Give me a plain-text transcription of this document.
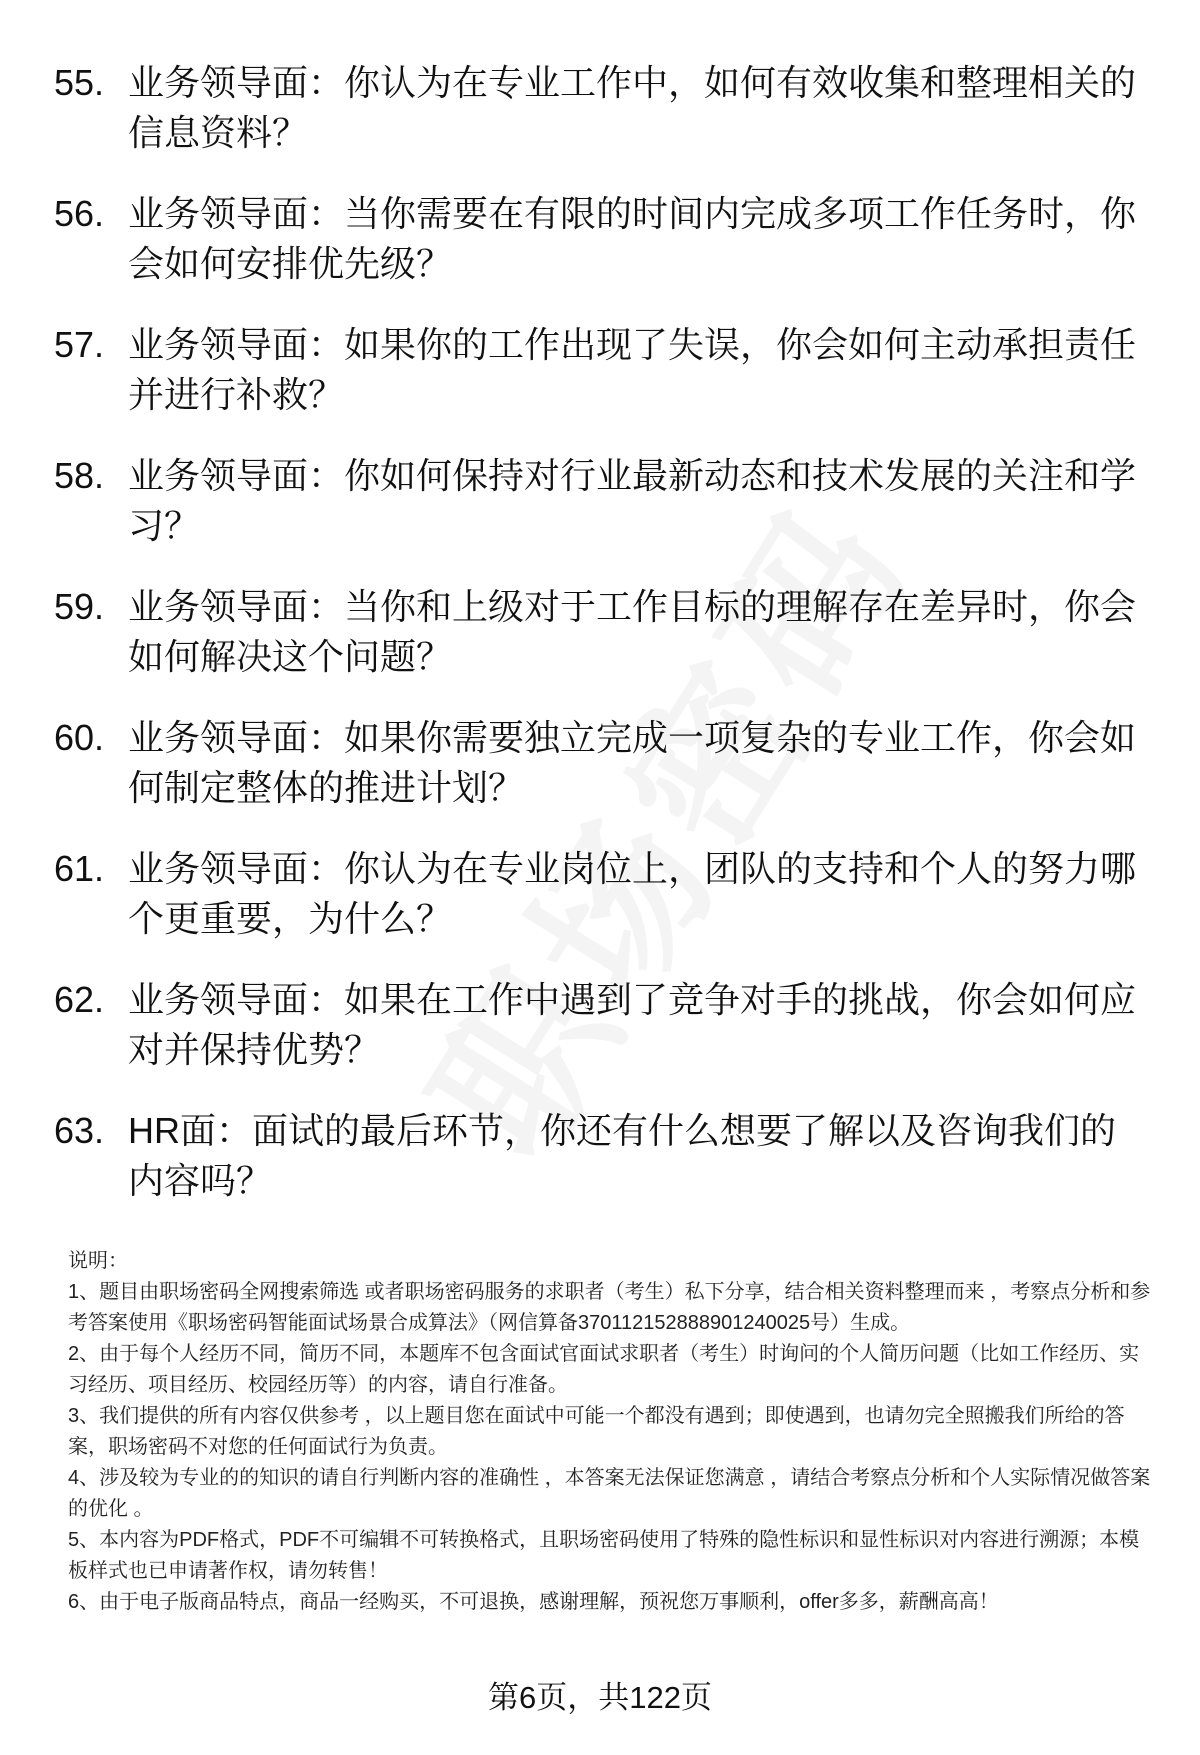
55. 业务领导面：你认为在专业工作中，如何有效收集和整理相关的信息资料？
56. 业务领导面：当你需要在有限的时间内完成多项工作任务时，你会如何安排优先级？
57. 业务领导面：如果你的工作出现了失误，你会如何主动承担责任并进行补救？
58. 业务领导面：你如何保持对行业最新动态和技术发展的关注和学习？
59. 业务领导面：当你和上级对于工作目标的理解存在差异时，你会如何解决这个问题？
60. 业务领导面：如果你需要独立完成一项复杂的专业工作，你会如何制定整体的推进计划？
61. 业务领导面：你认为在专业岗位上，团队的支持和个人的努力哪个更重要，为什么？
62. 业务领导面：如果在工作中遇到了竞争对手的挑战，你会如何应对并保持优势？
63. HR面：面试的最后环节，你还有什么想要了解以及咨询我们的内容吗？

说明：

1、题目由职场密码全网搜索筛选 或者职场密码服务的求职者（考生）私下分享，结合相关资料整理而来 ，考察点分析和参考答案使用《职场密码智能面试场景合成算法》（网信算备370112152888901240025号）生成。

2、由于每个人经历不同，简历不同，本题库不包含面试官面试求职者（考生）时询问的个人简历问题（比如工作经历、实习经历、项目经历、校园经历等）的内容，请自行准备。

3、我们提供的所有内容仅供参考 ，以上题目您在面试中可能一个都没有遇到；即使遇到，也请勿完全照搬我们所给的答案，职场密码不对您的任何面试行为负责。

4、涉及较为专业的的知识的请自行判断内容的准确性 ，本答案无法保证您满意 ，请结合考察点分析和个人实际情况做答案的优化 。

5、本内容为PDF格式，PDF不可编辑不可转换格式，且职场密码使用了特殊的隐性标识和显性标识对内容进行溯源；本模板样式也已申请著作权，请勿转售！

6、由于电子版商品特点，商品一经购买，不可退换，感谢理解，预祝您万事顺利，offer多多，薪酬高高！

第6页，共122页
